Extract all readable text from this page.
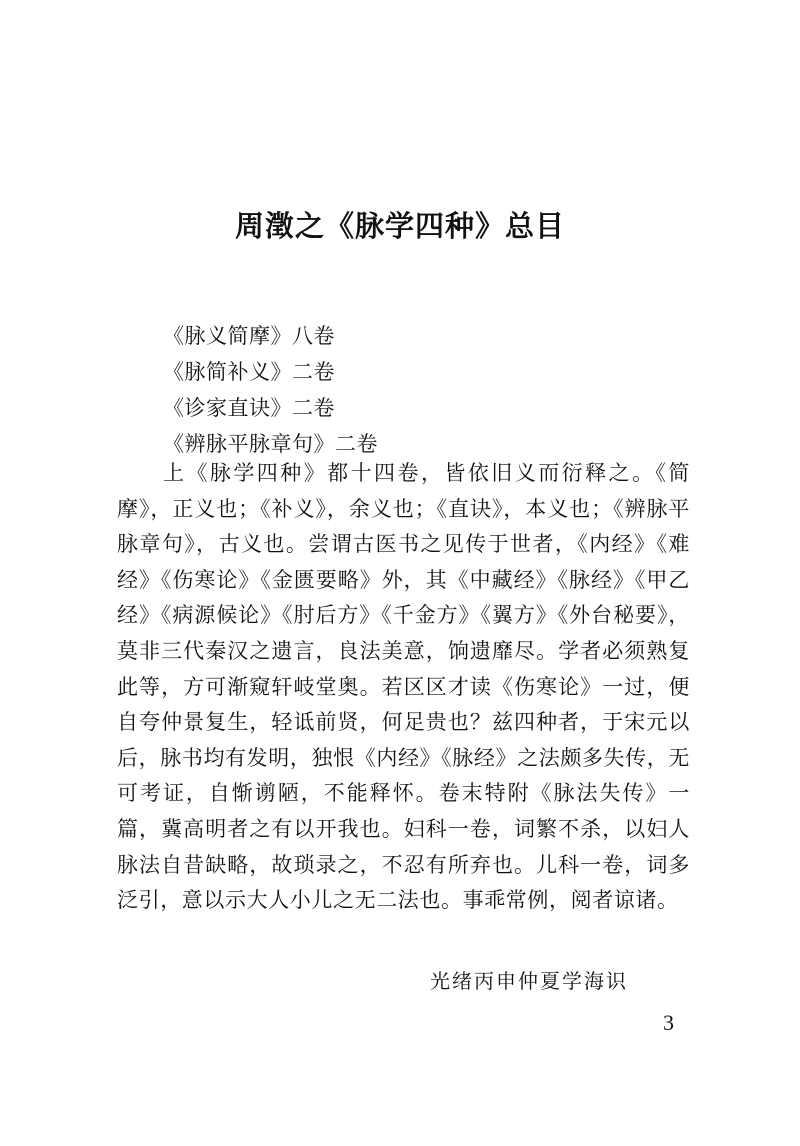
周澂之《脉学四种》总目
《脉义简摩》八卷
《脉简补义》二卷
《诊家直诀》二卷
《辨脉平脉章句》二卷

上《脉学四种》都十四卷，皆依旧义而衍释之。《简摩》，正义也；《补义》，余义也；《直诀》，本义也；《辨脉平脉章句》，古义也。尝谓古医书之见传于世者，《内经》《难经》《伤寒论》《金匮要略》外，其《中藏经》《脉经》《甲乙经》《病源候论》《肘后方》《千金方》《翼方》《外台秘要》，莫非三代秦汉之遗言，良法美意，饷遗靡尽。学者必须熟复此等，方可渐窥轩岐堂奥。若区区才读《伤寒论》一过，便自夸仲景复生，轻诋前贤，何足贵也？兹四种者，于宋元以后，脉书均有发明，独恨《内经》《脉经》之法颇多失传，无可考证，自惭谫陋，不能释怀。卷末特附《脉法失传》一篇，冀高明者之有以开我也。妇科一卷，词繁不杀，以妇人脉法自昔缺略，故琐录之，不忍有所弃也。儿科一卷，词多泛引，意以示大人小儿之无二法也。事乖常例，阅者谅诸。

光绪丙申仲夏学海识
3
